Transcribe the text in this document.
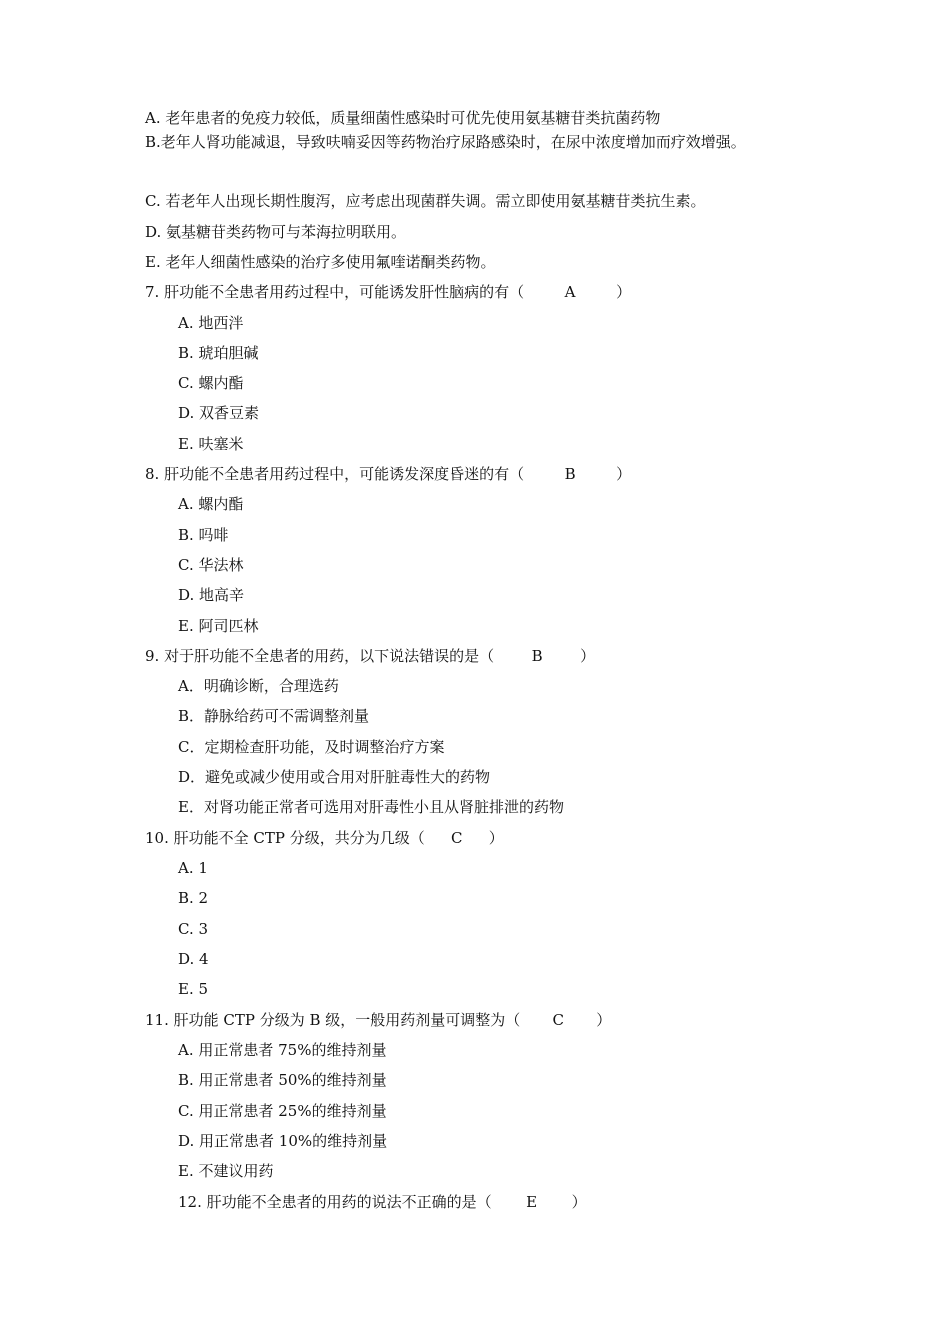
A. 老年患者的免疫力较低，质量细菌性感染时可优先使用氨基糖苷类抗菌药物
B.老年人肾功能减退，导致呋喃妥因等药物治疗尿路感染时，在尿中浓度增加而疗效增强。
C. 若老年人出现长期性腹泻，应考虑出现菌群失调。需立即使用氨基糖苷类抗生素。
D. 氨基糖苷类药物可与苯海拉明联用。
E. 老年人细菌性感染的治疗多使用氟喹诺酮类药物。
7. 肝功能不全患者用药过程中，可能诱发肝性脑病的有（	A	）
A. 地西泮
B. 琥珀胆碱
C. 螺内酯
D. 双香豆素
E. 呋塞米
8. 肝功能不全患者用药过程中，可能诱发深度昏迷的有（	B	）
A. 螺内酯
B. 吗啡
C. 华法林
D. 地高辛
E. 阿司匹林
9. 对于肝功能不全患者的用药，以下说法错误的是（ B ）
A．明确诊断，合理选药
B．静脉给药可不需调整剂量
C．定期检查肝功能，及时调整治疗方案
D．避免或减少使用或合用对肝脏毒性大的药物
E．对肾功能正常者可选用对肝毒性小且从肾脏排泄的药物
10. 肝功能不全 CTP 分级，共分为几级（ C ）
A. 1
B. 2
C. 3
D. 4
E. 5
11. 肝功能 CTP 分级为 B 级，一般用药剂量可调整为（ C ）
A. 用正常患者 75%的维持剂量
B. 用正常患者 50%的维持剂量
C. 用正常患者 25%的维持剂量
D. 用正常患者 10%的维持剂量
E. 不建议用药
12. 肝功能不全患者的用药的说法不正确的是（ E ）
